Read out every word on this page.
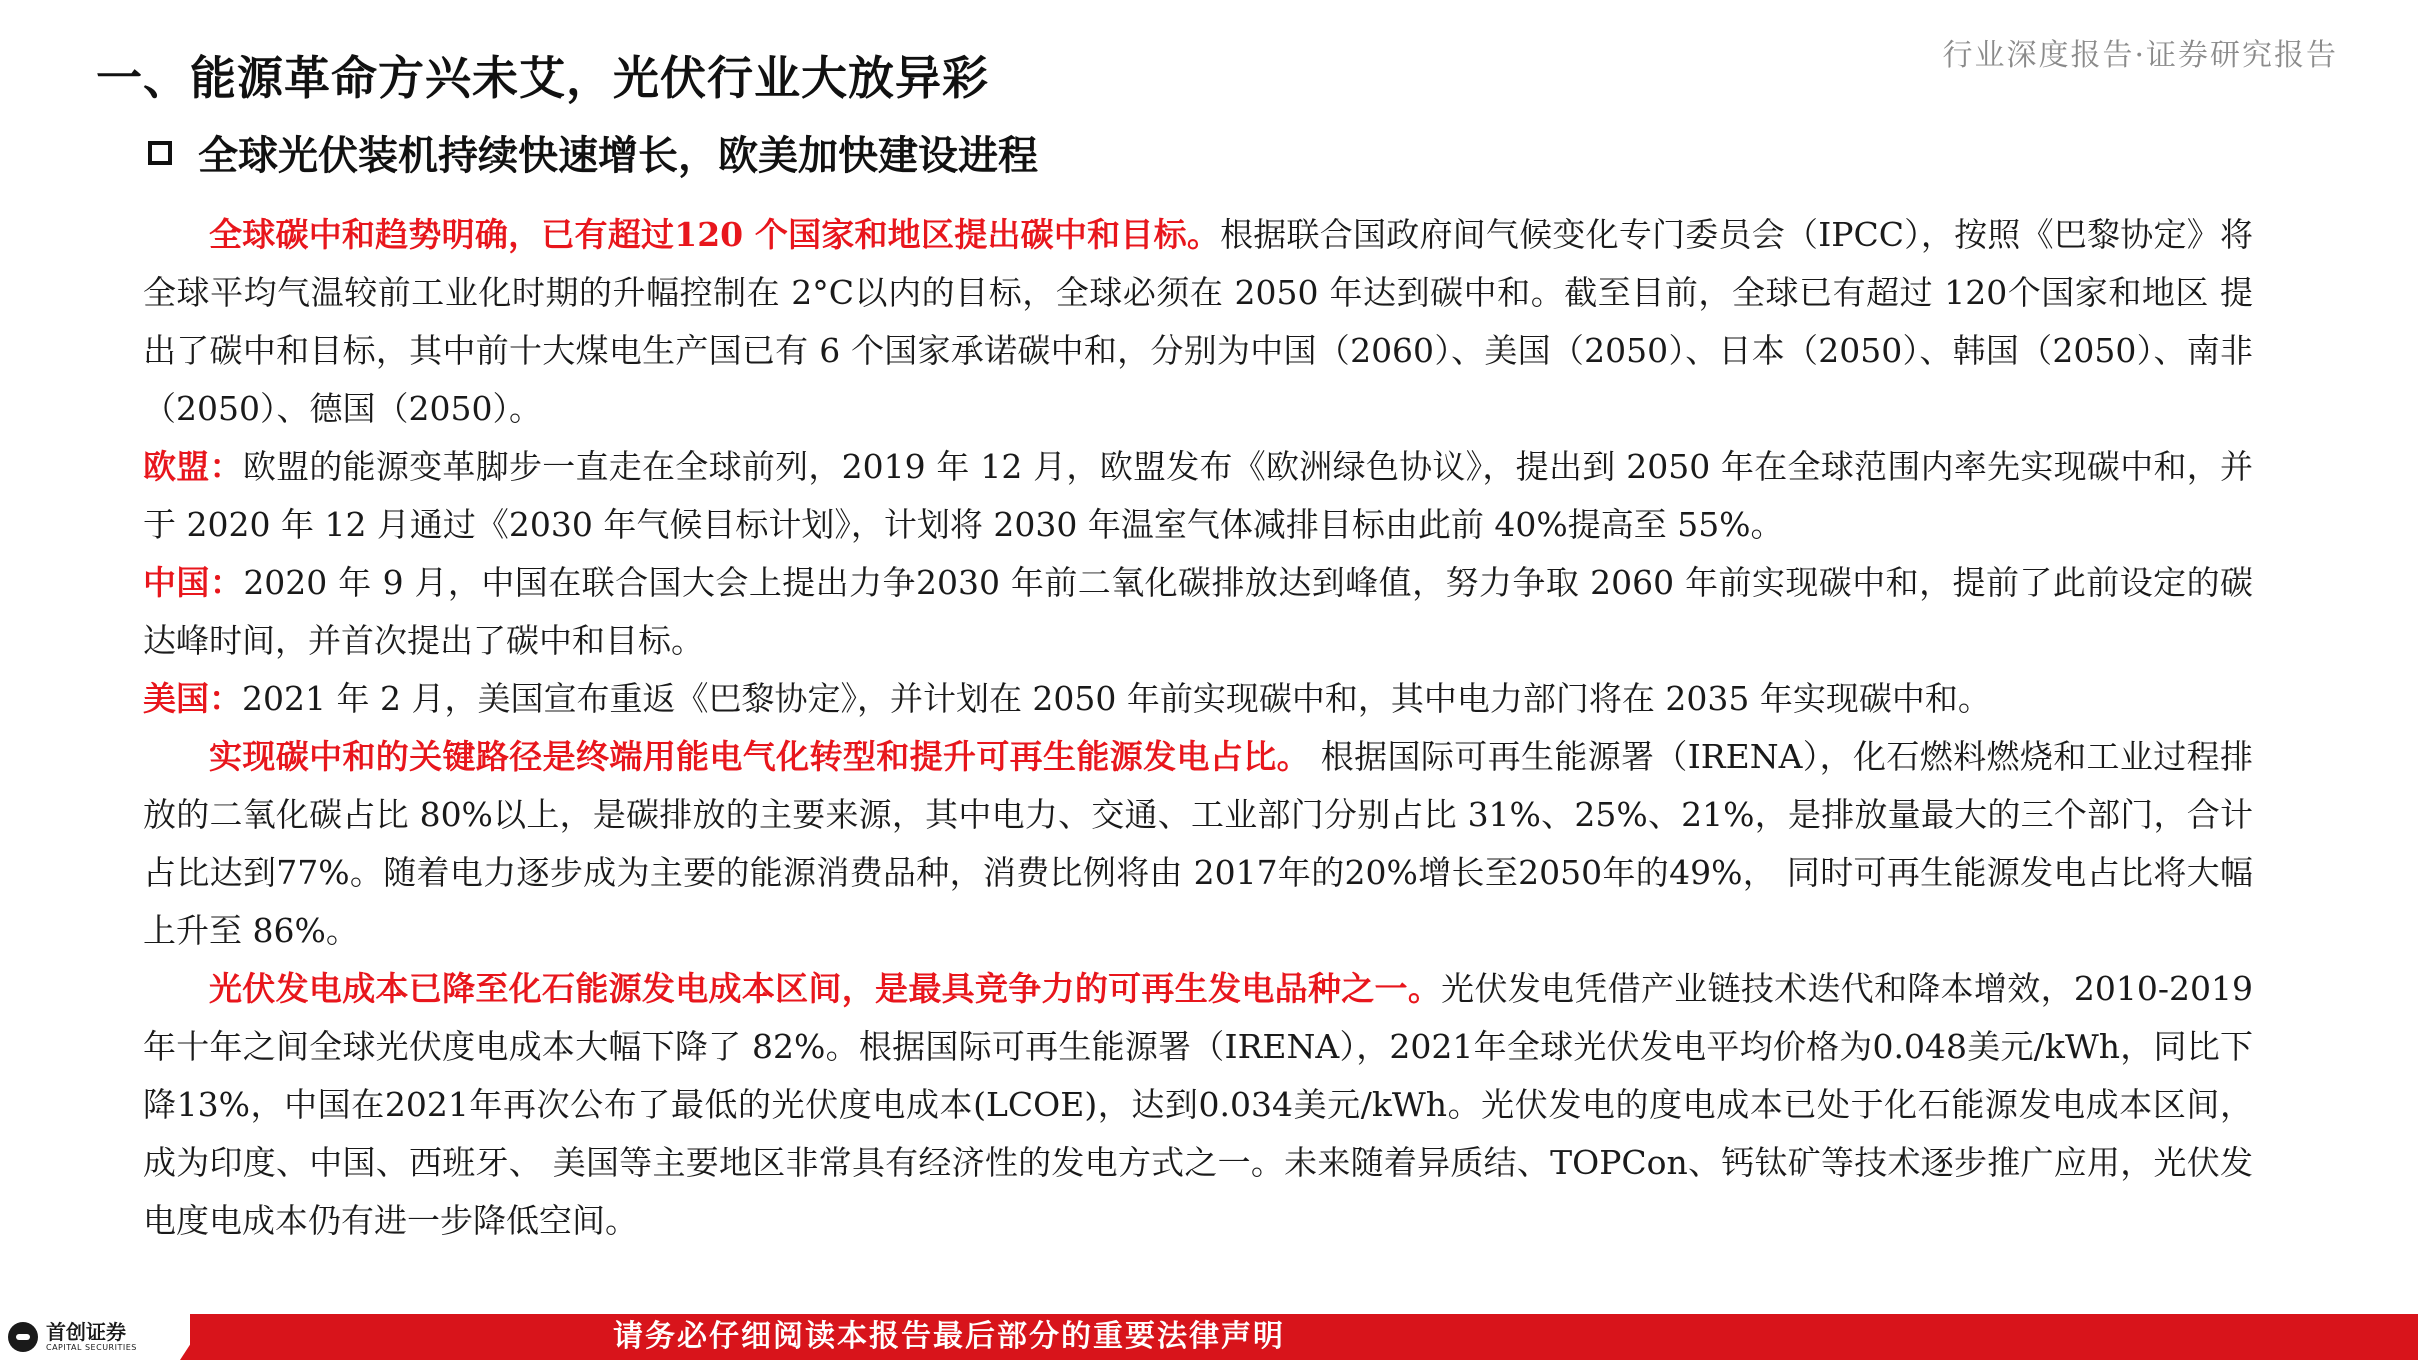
行业深度报告·证券研究报告
一、能源革命方兴未艾，光伏行业大放异彩
全球光伏装机持续快速增长，欧美加快建设进程

全球碳中和趋势明确，已有超过120 个国家和地区提出碳中和目标。根据联合国政府间气候变化专门委员会（IPCC），按照《巴黎协定》将全球平均气温较前工业化时期的升幅控制在 2°C以内的目标，全球必须在 2050 年达到碳中和。截至目前，全球已有超过 120个国家和地区 提出了碳中和目标，其中前十大煤电生产国已有 6 个国家承诺碳中和，分别为中国（2060）、美国（2050）、日本（2050）、韩国（2050）、南非（2050）、德国（2050）。

欧盟：欧盟的能源变革脚步一直走在全球前列，2019 年 12 月，欧盟发布《欧洲绿色协议》，提出到 2050 年在全球范围内率先实现碳中和，并于 2020 年 12 月通过《2030 年气候目标计划》，计划将 2030 年温室气体减排目标由此前 40%提高至 55%。

中国：2020 年 9 月，中国在联合国大会上提出力争2030 年前二氧化碳排放达到峰值，努力争取 2060 年前实现碳中和，提前了此前设定的碳达峰时间，并首次提出了碳中和目标。

美国：2021 年 2 月，美国宣布重返《巴黎协定》，并计划在 2050 年前实现碳中和，其中电力部门将在 2035 年实现碳中和。

实现碳中和的关键路径是终端用能电气化转型和提升可再生能源发电占比。 根据国际可再生能源署（IRENA），化石燃料燃烧和工业过程排放的二氧化碳占比 80%以上，是碳排放的主要来源，其中电力、交通、工业部门分别占比 31%、25%、21%，是排放量最大的三个部门，合计占比达到77%。随着电力逐步成为主要的能源消费品种，消费比例将由 2017年的20%增长至2050年的49%， 同时可再生能源发电占比将大幅上升至 86%。

光伏发电成本已降至化石能源发电成本区间，是最具竞争力的可再生发电品种之一。光伏发电凭借产业链技术迭代和降本增效，2010-2019年十年之间全球光伏度电成本大幅下降了 82%。根据国际可再生能源署（IRENA），2021年全球光伏发电平均价格为0.048美元/kWh，同比下降13%，中国在2021年再次公布了最低的光伏度电成本(LCOE)，达到0.034美元/kWh。光伏发电的度电成本已处于化石能源发电成本区间，成为印度、中国、西班牙、 美国等主要地区非常具有经济性的发电方式之一。未来随着异质结、TOPCon、钙钛矿等技术逐步推广应用，光伏发电度电成本仍有进一步降低空间。

请务必仔细阅读本报告最后部分的重要法律声明
首创证券
CAPITAL SECURITIES
